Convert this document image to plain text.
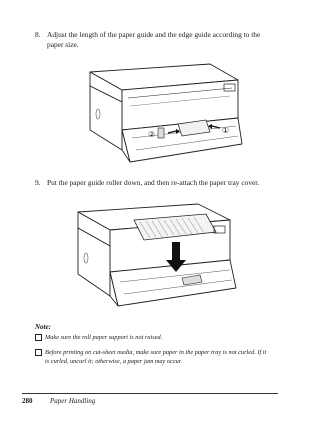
8. Adjust the length of the paper guide and the edge guide according to the paper size.
②	①
9. Put the paper guide roller down, and then re-attach the paper tray cover.
Note:
Make sure the roll paper support is not raised.
Before printing on cut-sheet media, make sure paper in the paper tray is not curled. If it is curled, uncurl it; otherwise, a paper jam may occur.
280	Paper Handling
